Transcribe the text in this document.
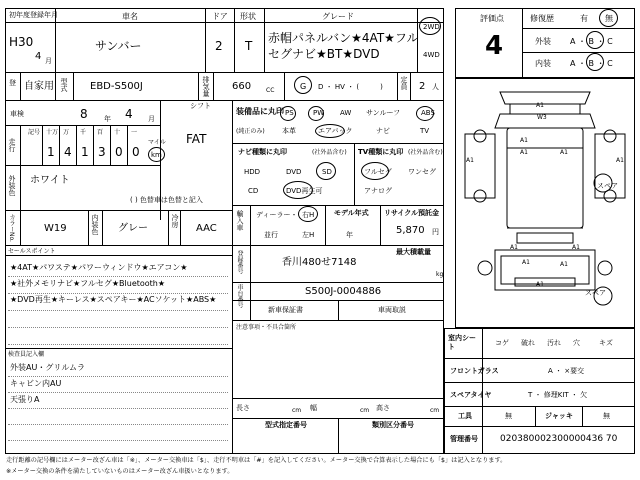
初年度登録年月
H30
4 月
車名
サンバー
ドア
2
形状
T
グレード
赤帽パネルバン★4AT★フル
セグナビ★BT★DVD
2WD
4WD
登 自家用 型式 EBD-S500J	排気量 660 CC	G D ・ HV ・ (　　　) 定員 2 人
評価点
4
修復歴	有 無
外装 A ・ B ・ C
内装 A ・ B ・ C
車検	8 年 4 月
シフト
FAT
走行
記号 十万
1
万
4
千
1
百
3
十
0
一
0
マイル
km
外装色 ホワイト
( ) 色替車は色替と記入
カラーNo.	W19	内装色 グレー
冷房
AAC
装備品に丸印
(純正のみ)
PS	PW AW サンルーフ	ABS
本革	エアバック	ナビ	TV
ナビ種類に丸印	(社外品含む) TV種類に丸印 (社外品含む)
HDD	DVD	SD
CD	DVD再生可
フルセグ ワンセグ
アナログ
輸入車 ディーラー・
並行
右H
左H
モデル年式
年
リサイクル預託金
5,870 円
最大積載量
kg
登録番号	香川480せ7148
車台番号	S500J-0004886
新車保証書	車両取説
セールスポイント
★4AT★パワステ★パワーウィンドウ★エアコン★
★社外メモリナビ★フルセグ★Bluetooth★
★DVD再生★キーレス★スペアキー★ACソケット★ABS★
検査員記入欄
外装AU・グリルムラ
キャビン内AU
天張りA
注意事項・不具合箇所
長さ	cm 幅	cm 高さ	cm
型式指定番号	類別区分番号
室内シート
コゲ 破れ 汚れ 穴	キズ
フロントガラス	A ・ ×要交
スペアタイヤ	T ・ 修理KIT ・ 欠
工具	無	ジャッキ	無
管理番号 020380002300000436 70
A1
W3
A1	A1
A1
A1	A1
A1	A1
A1	A1
A1
スペア
スペア
走行距離の記号欄にはメーター改ざん車は「※」、メーター交換車は「$」、走行不明車は「#」を記入してください。メーター交換で合算表示した場合にも「$」は記入となります。
※メーター交換の条件を満たしていないものはメーター改ざん車扱いとなります。
